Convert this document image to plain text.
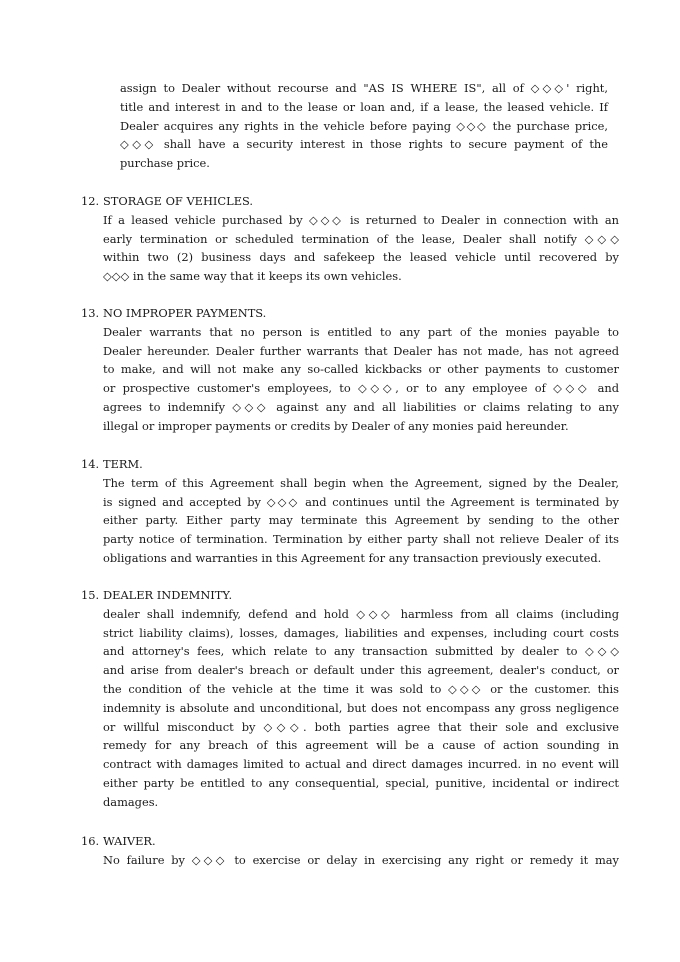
assign to Dealer without recourse and "AS IS WHERE IS", all of ◇◇◇' right,
title and interest in and to the lease or loan and, if a lease, the leased vehicle. If
Dealer acquires any rights in the vehicle before paying ◇◇◇ the purchase price,
◇◇◇ shall have a security interest in those rights to secure payment of the
purchase price.
12. STORAGE OF VEHICLES.
If a leased vehicle purchased by ◇◇◇ is returned to Dealer in connection with an
early termination or scheduled termination of the lease, Dealer shall notify ◇◇◇
within two (2) business days and safekeep the leased vehicle until recovered by
◇◇◇ in the same way that it keeps its own vehicles.
13. NO IMPROPER PAYMENTS.
Dealer warrants that no person is entitled to any part of the monies payable to
Dealer hereunder. Dealer further warrants that Dealer has not made, has not agreed
to make, and will not make any so-called kickbacks or other payments to customer
or prospective customer's employees, to ◇◇◇, or to any employee of ◇◇◇ and
agrees to indemnify ◇◇◇ against any and all liabilities or claims relating to any
illegal or improper payments or credits by Dealer of any monies paid hereunder.
14. TERM.
The term of this Agreement shall begin when the Agreement, signed by the Dealer,
is signed and accepted by ◇◇◇ and continues until the Agreement is terminated by
either party. Either party may terminate this Agreement by sending to the other
party notice of termination. Termination by either party shall not relieve Dealer of its
obligations and warranties in this Agreement for any transaction previously executed.
15. DEALER INDEMNITY.
dealer shall indemnify, defend and hold ◇◇◇ harmless from all claims (including
strict liability claims), losses, damages, liabilities and expenses, including court costs
and attorney's fees, which relate to any transaction submitted by dealer to ◇◇◇
and arise from dealer's breach or default under this agreement, dealer's conduct, or
the condition of the vehicle at the time it was sold to ◇◇◇ or the customer. this
indemnity is absolute and unconditional, but does not encompass any gross negligence
or willful misconduct by ◇◇◇. both parties agree that their sole and exclusive
remedy for any breach of this agreement will be a cause of action sounding in
contract with damages limited to actual and direct damages incurred. in no event will
either party be entitled to any consequential, special, punitive, incidental or indirect
damages.
16. WAIVER.
No failure by ◇◇◇ to exercise or delay in exercising any right or remedy it may
